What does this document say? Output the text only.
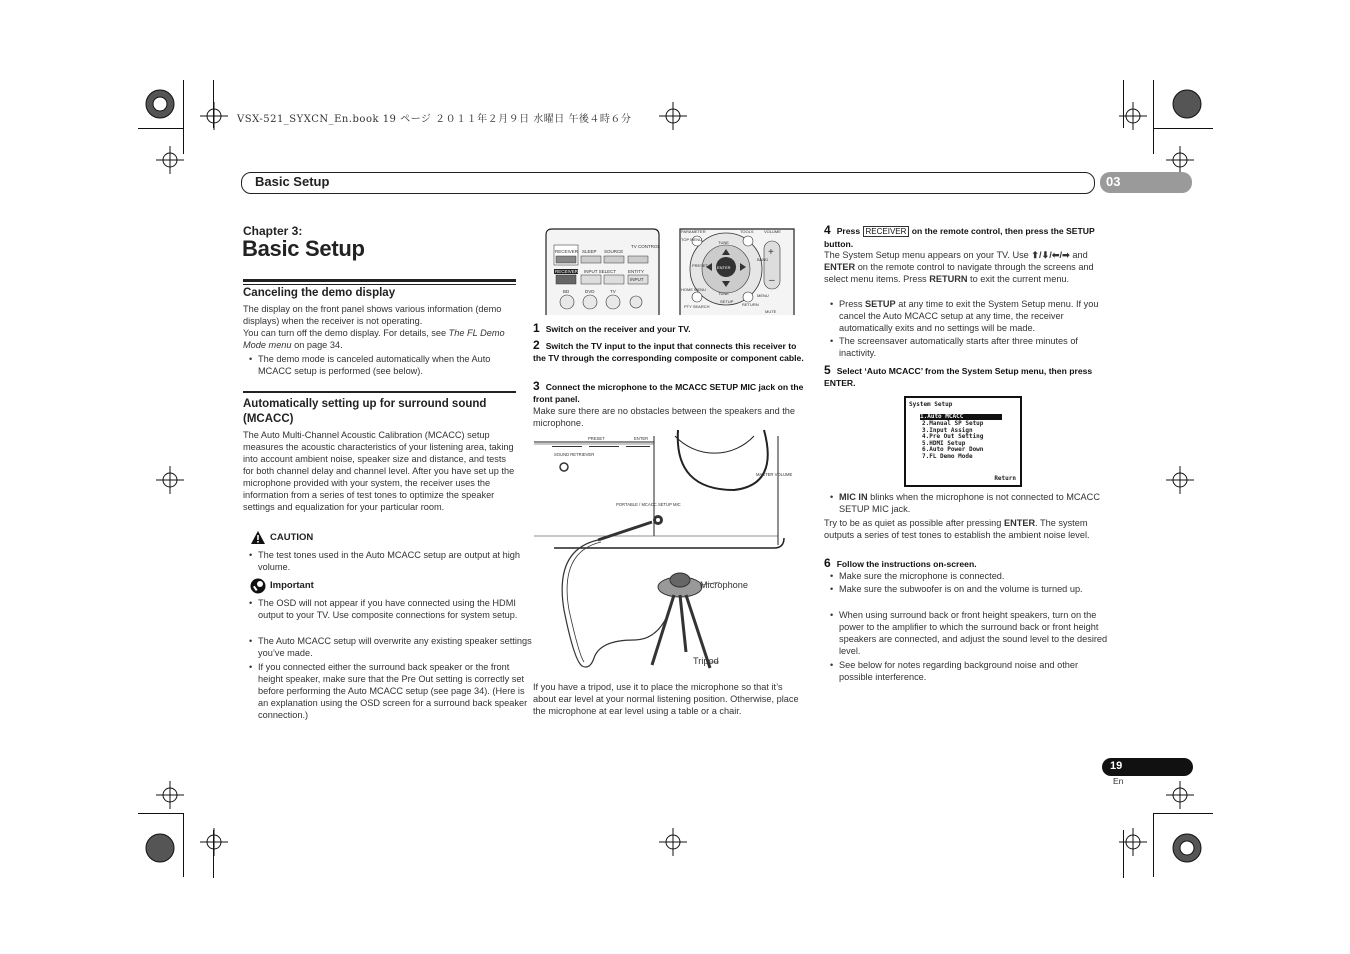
VSX-521_SYXCN_En.book 19 ページ ２０１１年２月９日 水曜日 午後４時６分
Basic Setup	03
Chapter 3:
Basic Setup
Canceling the demo display
The display on the front panel shows various information (demo displays) when the receiver is not operating.
You can turn off the demo display. For details, see The FL Demo Mode menu on page 34.
• The demo mode is canceled automatically when the Auto MCACC setup is performed (see below).
Automatically setting up for surround sound (MCACC)
The Auto Multi-Channel Acoustic Calibration (MCACC) setup measures the acoustic characteristics of your listening area, taking into account ambient noise, speaker size and distance, and tests for both channel delay and channel level. After you have set up the microphone provided with your system, the receiver uses the information from a series of test tones to optimize the speaker settings and equalization for your particular room.
CAUTION
• The test tones used in the Auto MCACC setup are output at high volume.
Important
• The OSD will not appear if you have connected using the HDMI output to your TV. Use composite connections for system setup.
• The Auto MCACC setup will overwrite any existing speaker settings you’ve made.
• If you connected either the surround back speaker or the front height speaker, make sure that the Pre Out setting is correctly set before performing the Auto MCACC setup (see page 34). (Here is an explanation using the OSD screen for a surround back speaker connection.)
TV CONTROL
RECEIVER SLEEP SOURCE
RECEIVER INPUT SELECT	ENTITY
INPUT
BD	DVD	TV
+
–
PARAMETER	TOOLS	VOLUME
TUNE
ENTER
TUNE
SETUP
RETURN
MUTE
PTY SEARCH
TOP MENU
HOME MENU
BAND
MENU
PRESET
1 Switch on the receiver and your TV.
2 Switch the TV input to the input that connects this receiver to the TV through the corresponding composite or component cable.
3 Connect the microphone to the MCACC SETUP MIC jack on the front panel.
Make sure there are no obstacles between the speakers and the microphone.
PRESET	ENTER
SOUND RETRIEVER
MASTER VOLUME
PORTABLE / MCACC SETUP MIC
Microphone
Tripod
If you have a tripod, use it to place the microphone so that it’s about ear level at your normal listening position. Otherwise, place the microphone at ear level using a table or a chair.
4 Press RECEIVER on the remote control, then press the SETUP button.
The System Setup menu appears on your TV. Use ⬆/⬇/⬅/➡ and ENTER on the remote control to navigate through the screens and select menu items. Press RETURN to exit the current menu.
• Press SETUP at any time to exit the System Setup menu. If you cancel the Auto MCACC setup at any time, the receiver automatically exits and no settings will be made.
• The screensaver automatically starts after three minutes of inactivity.
5 Select ‘Auto MCACC’ from the System Setup menu, then press ENTER.
System Setup
1.Auto MCACC
2.Manual SP Setup
3.Input Assign
4.Pre Out Setting
5.HDMI Setup
6.Auto Power Down
7.FL Demo Mode
Return
• MIC IN blinks when the microphone is not connected to MCACC SETUP MIC jack.
Try to be as quiet as possible after pressing ENTER. The system outputs a series of test tones to establish the ambient noise level.
6 Follow the instructions on-screen.
• Make sure the microphone is connected.
• Make sure the subwoofer is on and the volume is turned up.
• When using surround back or front height speakers, turn on the power to the amplifier to which the surround back or front height speakers are connected, and adjust the sound level to the desired level.
• See below for notes regarding background noise and other possible interference.
19
En
